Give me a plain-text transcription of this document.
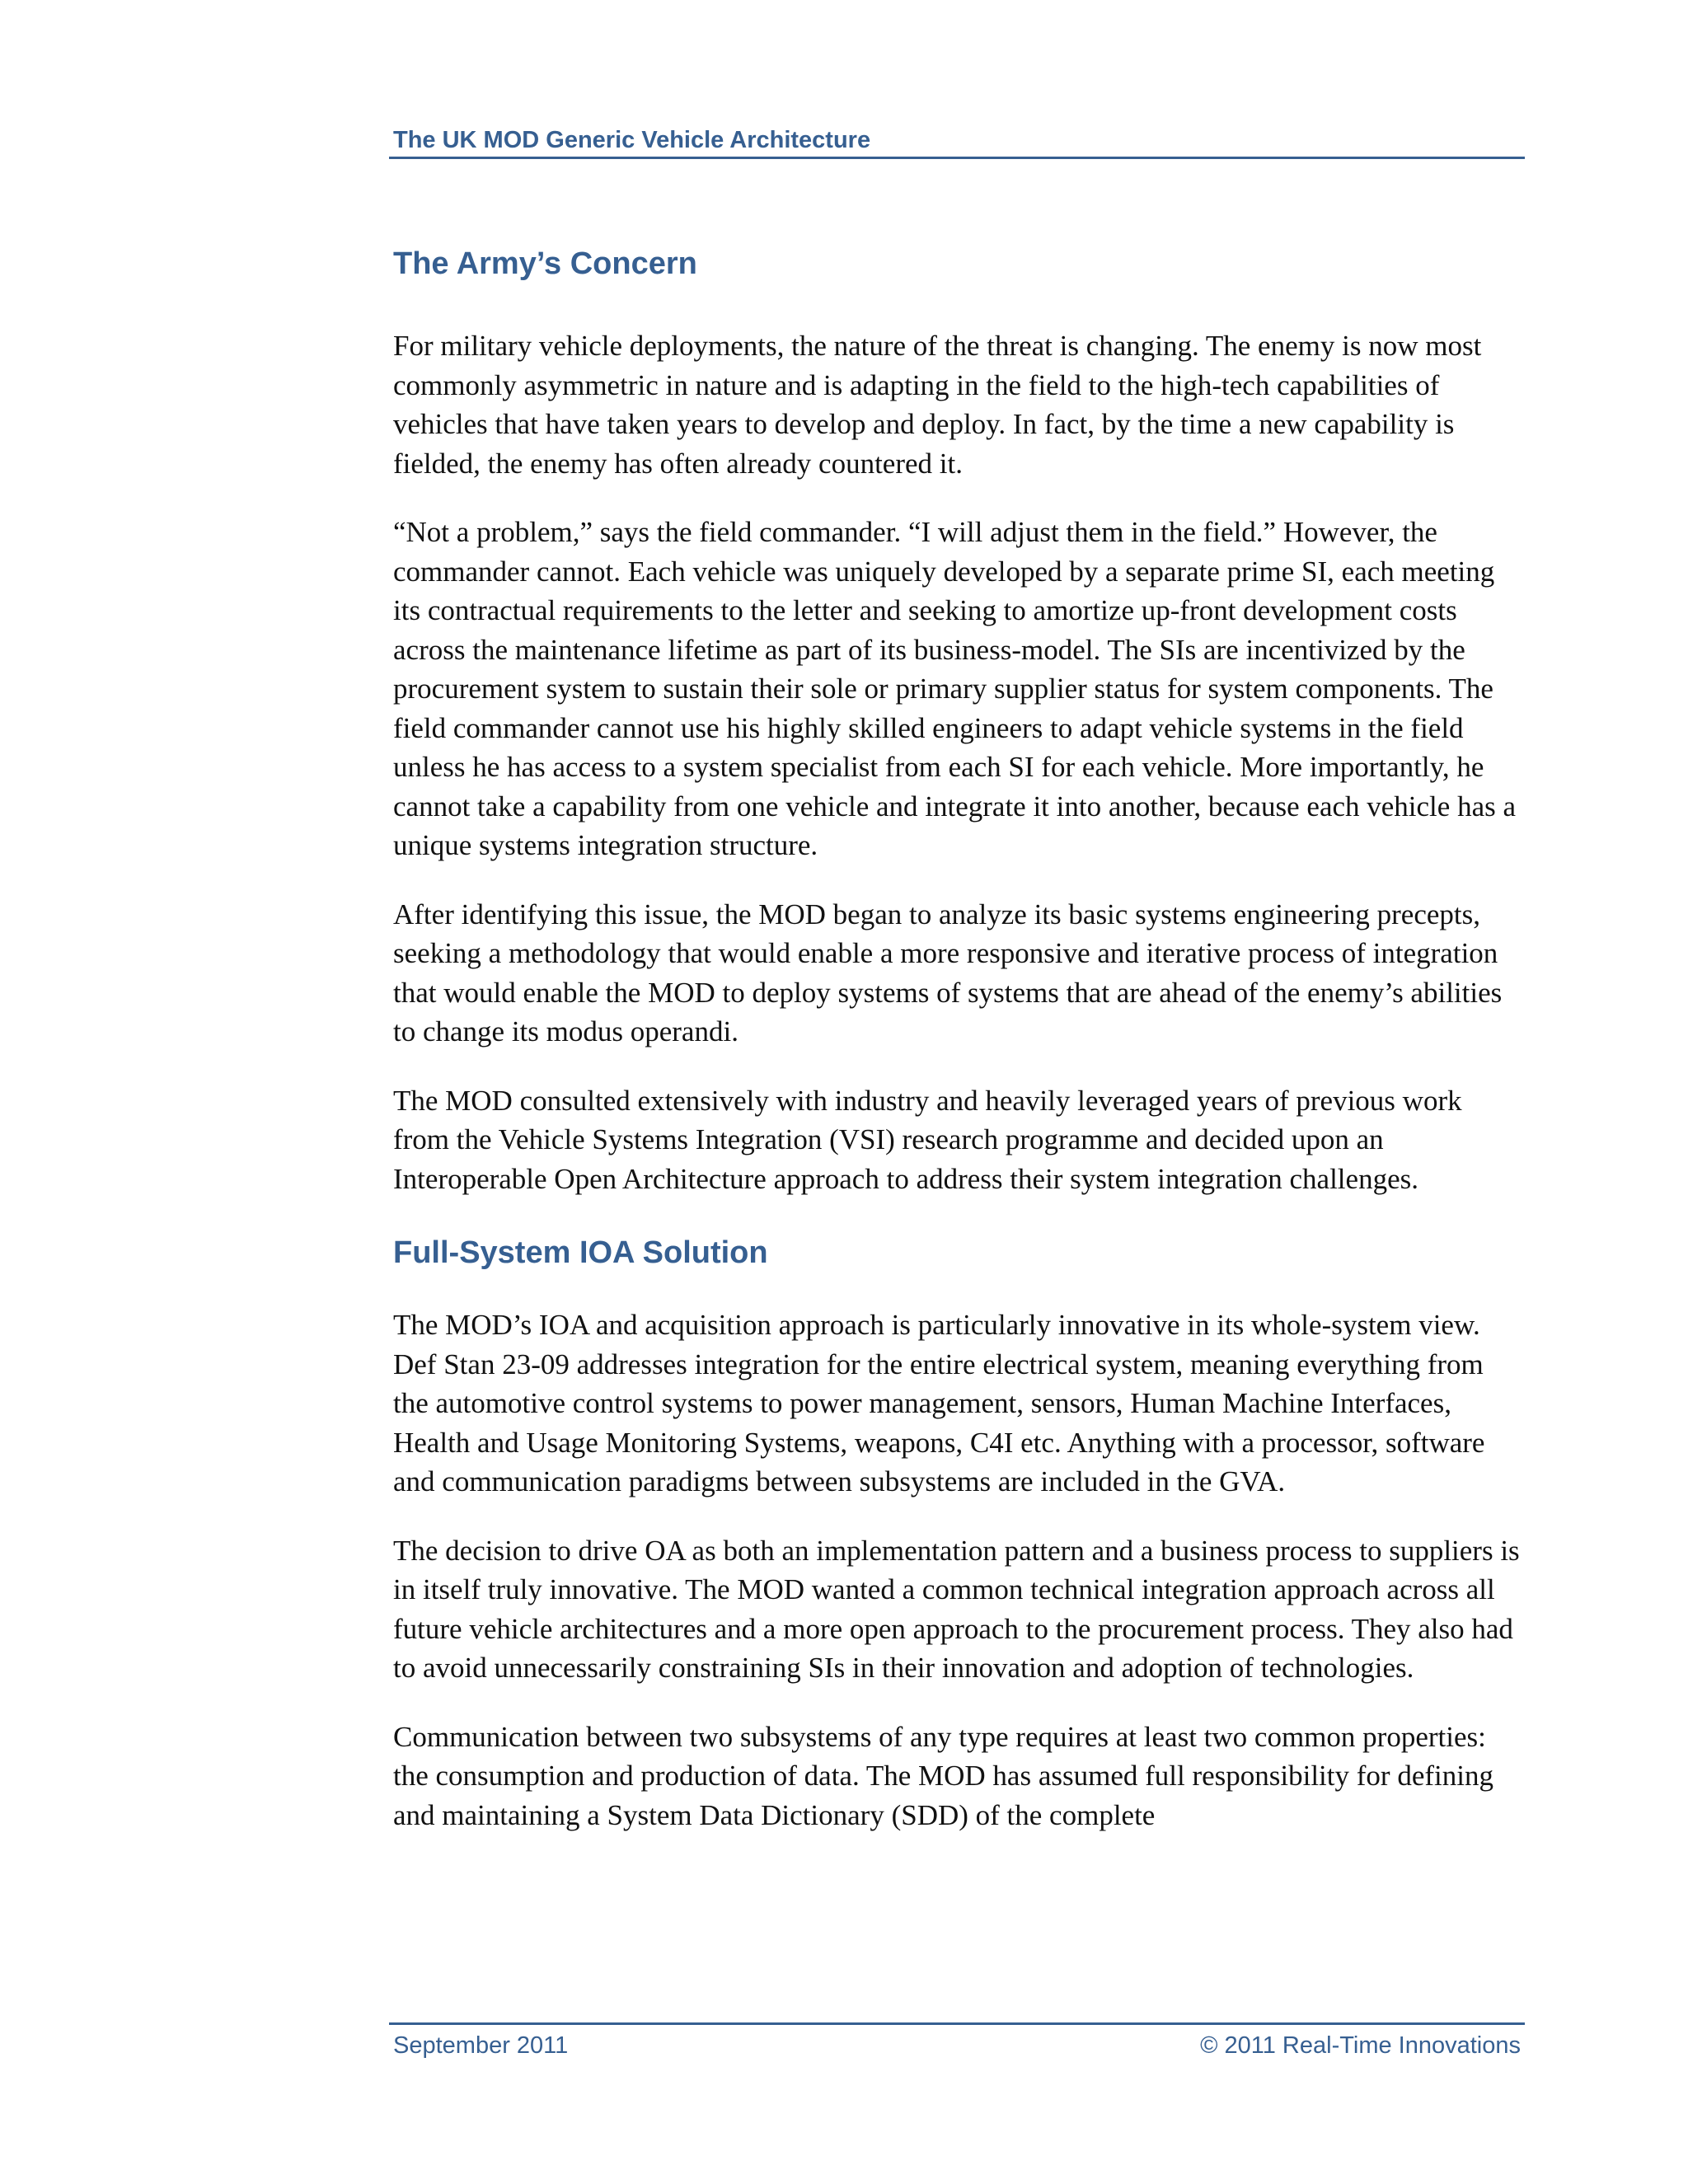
The UK MOD Generic Vehicle Architecture
The Army’s Concern

For military vehicle deployments, the nature of the threat is changing. The enemy is now most commonly asymmetric in nature and is adapting in the field to the high-tech capabilities of vehicles that have taken years to develop and deploy. In fact, by the time a new capability is fielded, the enemy has often already countered it.

“Not a problem,” says the field commander. “I will adjust them in the field.” However, the commander cannot. Each vehicle was uniquely developed by a separate prime SI, each meeting its contractual requirements to the letter and seeking to amortize up-front development costs across the maintenance lifetime as part of its business-model. The SIs are incentivized by the procurement system to sustain their sole or primary supplier status for system components. The field commander cannot use his highly skilled engineers to adapt vehicle systems in the field unless he has access to a system specialist from each SI for each vehicle. More importantly, he cannot take a capability from one vehicle and integrate it into another, because each vehicle has a unique systems integration structure.

After identifying this issue, the MOD began to analyze its basic systems engineering precepts, seeking a methodology that would enable a more responsive and iterative process of integration that would enable the MOD to deploy systems of systems that are ahead of the enemy’s abilities to change its modus operandi.

The MOD consulted extensively with industry and heavily leveraged years of previous work from the Vehicle Systems Integration (VSI) research programme and decided upon an Interoperable Open Architecture approach to address their system integration challenges.

Full-System IOA Solution

The MOD’s IOA and acquisition approach is particularly innovative in its whole-system view. Def Stan 23-09 addresses integration for the entire electrical system, meaning everything from the automotive control systems to power management, sensors, Human Machine Interfaces, Health and Usage Monitoring Systems, weapons, C4I etc. Anything with a processor, software and communication paradigms between subsystems are included in the GVA.

The decision to drive OA as both an implementation pattern and a business process to suppliers is in itself truly innovative. The MOD wanted a common technical integration approach across all future vehicle architectures and a more open approach to the procurement process. They also had to avoid unnecessarily constraining SIs in their innovation and adoption of technologies.

Communication between two subsystems of any type requires at least two common properties: the consumption and production of data. The MOD has assumed full responsibility for defining and maintaining a System Data Dictionary (SDD) of the complete

September 2011	© 2011 Real-Time Innovations
